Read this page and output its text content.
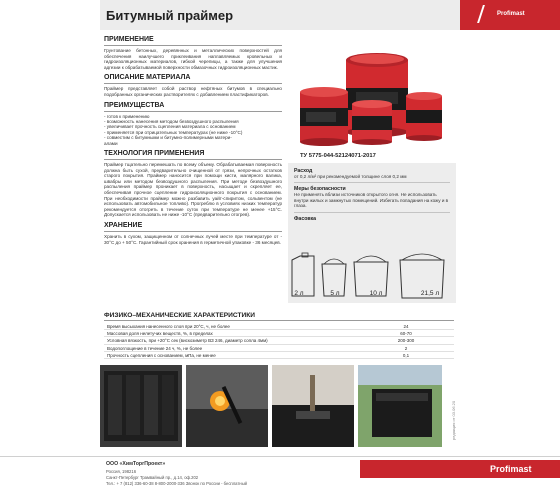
Битумный праймер	Profimast
ПРИМЕНЕНИЕ
Грунтование бетонных, деревянных и металлических поверхностей для обеспечения наилучшего приклеивания наплавляемых кровельных и гидроизоляционных материалов, гибкой черепицы, а также для улучшения адгезии к обрабатываемой поверхности обмазочных гидроизоляционных мастик.
ОПИСАНИЕ МАТЕРИАЛА
Праймер представляет собой раствор нефтяных битумов в специально подобранных органических растворителях с добавлением пластификаторов.
ПРЕИМУЩЕСТВА
- готов к применению
- возможность нанесения методом безвоздушного распыления
- увеличивает прочность сцепления материала с основанием
- применяется при отрицательных температурах (не ниже -10°С)
- совместим с битумными и битумно-полимерными матери-
алами
ТЕХНОЛОГИЯ ПРИМЕНЕНИЯ
Праймер тщательно перемешать по всему объему. Обрабатываемая поверхность должна быть сухой, предварительно очищенной от грязи, непрочных остатков старого покрытия. Праймер наносится при помощи кисти, малярного валика, швабры или методом безвоздушного распыления. При методе безвоздушного распыления праймер проникает в поверхность, насыщает и скрепляет ее, обеспечивая прочное сцепление гидроизоляционного покрытия с основанием. При необходимости праймер можно разбавить уайт-спиритом, сольвентом (не использовать автомобильное топливо). Прогреблю в условиях низких температур рекомендуется отогреть в течение суток при температуре не менее +15°С. Допускается использовать не ниже -10°С (предварительно отогрев).
ХРАНЕНИЕ
Хранить в сухом, защищенном от солнечных лучей месте при температуре от - 30°С до + 50°С. Гарантийный срок хранения в герметичной упаковке - 36 месяцев.
ТУ 5775-044-52124071-2017
Расход
от 0,2 л/м² при рекомендуемой толщине слоя 0,2 мм
Меры безопасности
Не применять вблизи источников открытого огня. Не использовать внутри жилых и замкнутых помещений. Избегать попадания на кожу и в глаза.
Фасовка
2 л	5 л	10 л	21,5 л
ФИЗИКО–МЕХАНИЧЕСКИЕ ХАРАКТЕРИСТИКИ
Время высыхания нанесенного слоя при 20°С, ч, не более	24
Массовая доля нелетучих веществ, %, в пределах	60-70
Условная вязкость, при +20°С сек (вискозиметр ВЗ 246, диаметр сопла 4мм)	200-300
Водопоглощение в течение 24 ч, %, не более	2
Прочность сцепления с основанием, мПа, не менее	0,1
редакция от 03.06.20
ООО «ХимТоргПроект»
Россия, 198216
Санкт-Петербург Трамвайный пр., д.14, оф.202
Тел.: + 7 (812) 336-60-38 8-800-2000-336 Звонок по России - бесплатный
Profimast
